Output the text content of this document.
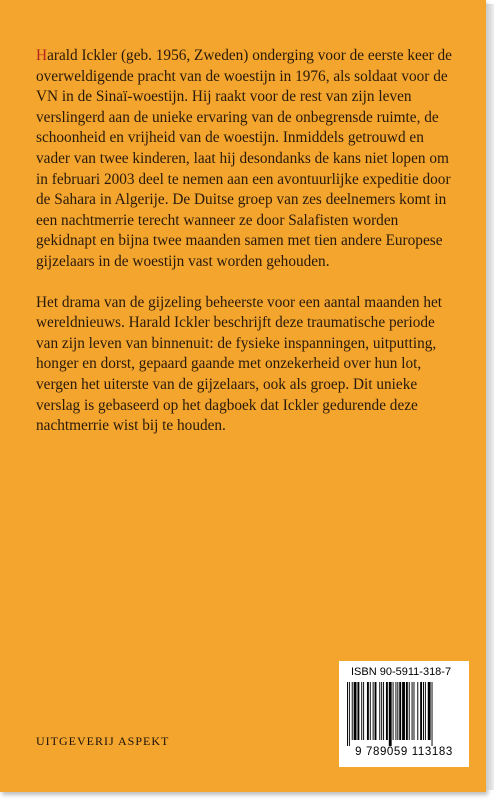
Harald Ickler (geb. 1956, Zweden) onderging voor de eerste keer de overweldigende pracht van de woestijn in 1976, als soldaat voor de VN in de Sinaï-woestijn. Hij raakt voor de rest van zijn leven verslingerd aan de unieke ervaring van de onbegrensde ruimte, de schoonheid en vrijheid van de woestijn. Inmiddels getrouwd en vader van twee kinderen, laat hij desondanks de kans niet lopen om in februari 2003 deel te nemen aan een avontuurlijke expeditie door de Sahara in Algerije. De Duitse groep van zes deelnemers komt in een nachtmerrie terecht wanneer ze door Salafisten worden gekidnapt en bijna twee maanden samen met tien andere Europese gijzelaars in de woestijn vast worden gehouden.

Het drama van de gijzeling beheerste voor een aantal maanden het wereldnieuws. Harald Ickler beschrijft deze traumatische periode van zijn leven van binnenuit: de fysieke inspanningen, uitputting, honger en dorst, gepaard gaande met onzekerheid over hun lot, vergen het uiterste van de gijzelaars, ook als groep. Dit unieke verslag is gebaseerd op het dagboek dat Ickler gedurende deze nachtmerrie wist bij te houden.

UITGEVERIJ ASPEKT
ISBN 90-5911-318-7
9 789059 113183
